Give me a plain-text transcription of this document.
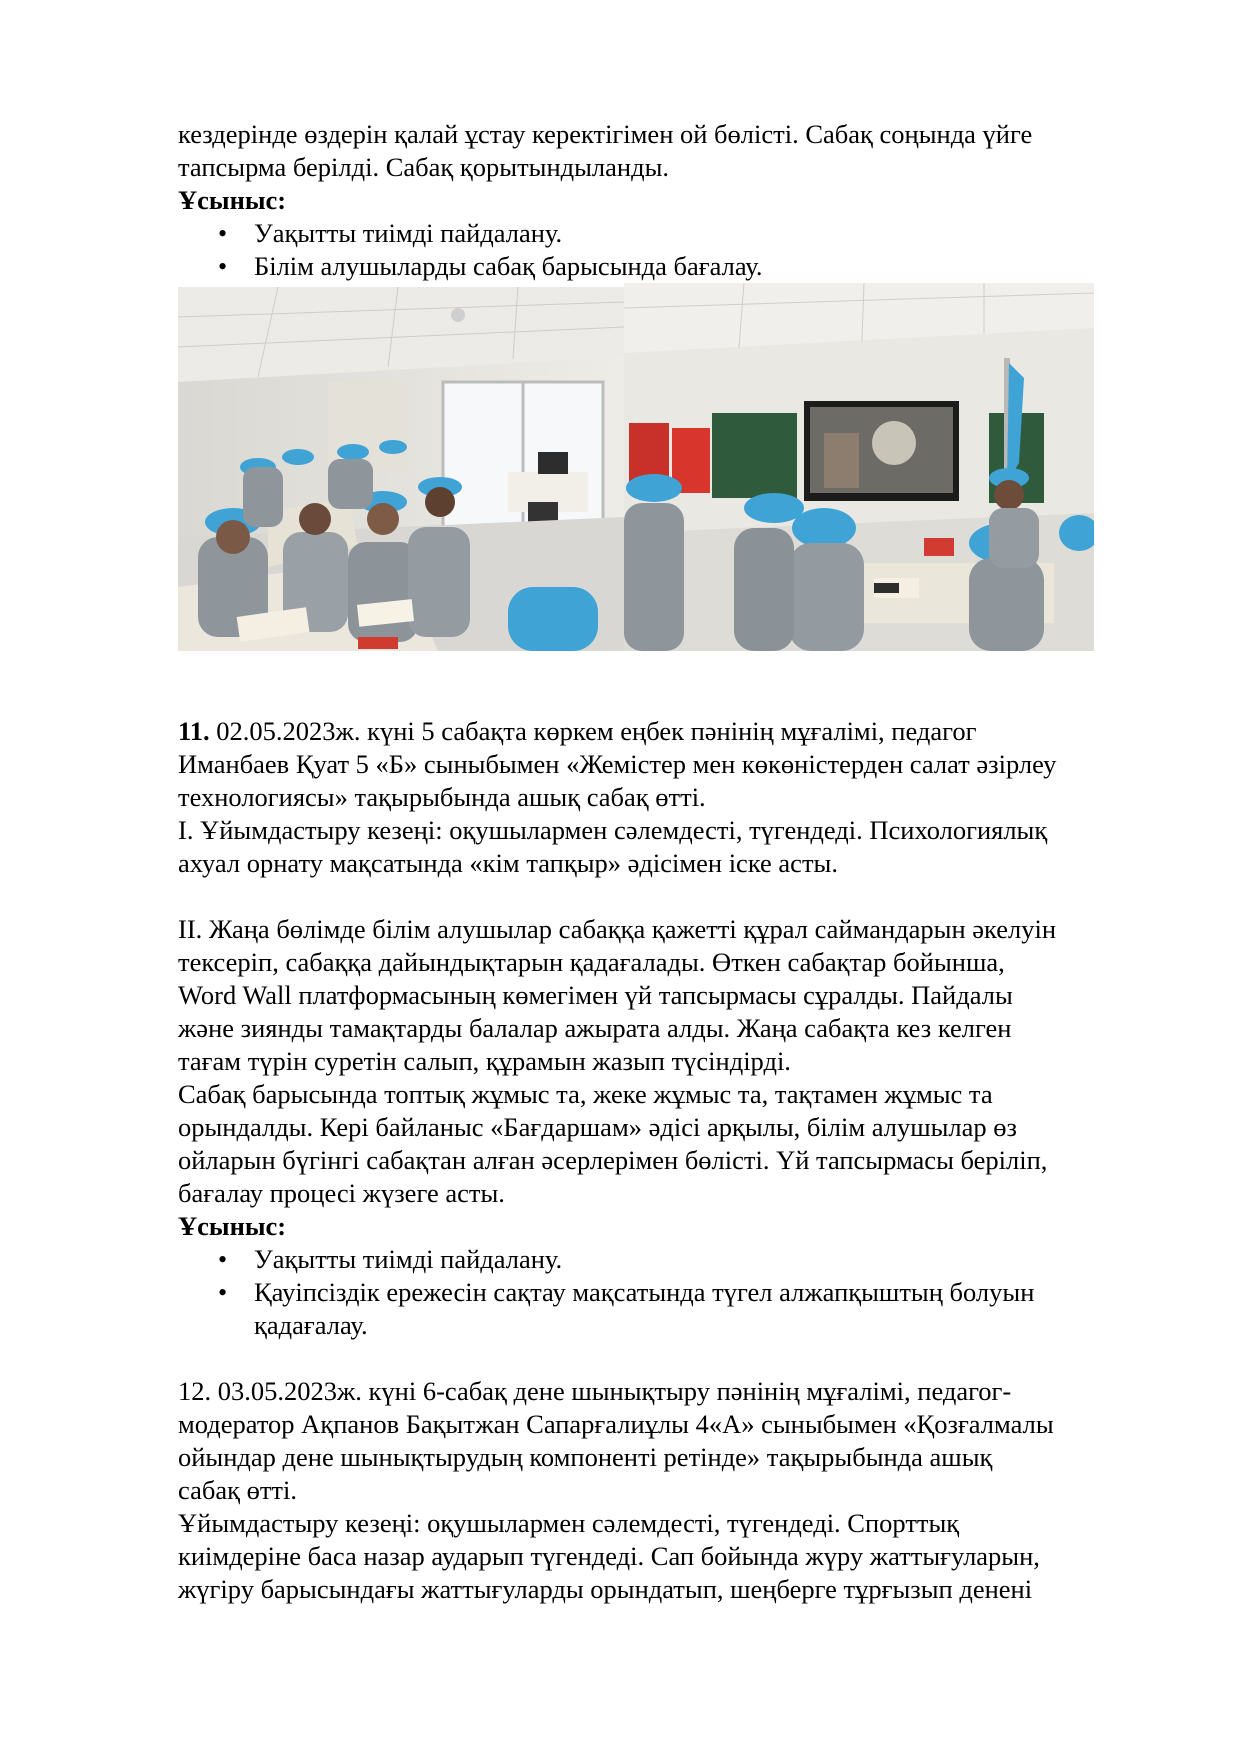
кездерінде өздерін қалай ұстау керектігімен ой бөлісті. Сабақ соңында үйге

тапсырма берілді. Сабақ қорытындыланды.

Ұсыныс:

• Уақытты тиімді пайдалану.
• Білім алушыларды сабақ барысында бағалау.

11. 02.05.2023ж. күні 5 сабақта көркем еңбек пәнінің мұғалімі, педагог

Иманбаев Қуат 5 «Б» сыныбымен «Жемістер мен көкөністерден салат әзірлеу

технологиясы» тақырыбында ашық сабақ өтті.

І. Ұйымдастыру кезеңі: оқушылармен сәлемдесті, түгендеді. Психологиялық

ахуал орнату мақсатында «кім тапқыр» әдісімен іске асты.

ІІ. Жаңа бөлімде білім алушылар сабаққа қажетті құрал саймандарын әкелуін

тексеріп, сабаққа дайындықтарын қадағалады. Өткен сабақтар бойынша,

Word Wall платформасының көмегімен үй тапсырмасы сұралды. Пайдалы

және зиянды тамақтарды балалар ажырата алды. Жаңа сабақта кез келген

тағам түрін суретін салып, құрамын жазып түсіндірді.

Сабақ барысында топтық жұмыс та, жеке жұмыс та, тақтамен жұмыс та

орындалды. Кері байланыс «Бағдаршам» әдісі арқылы, білім алушылар өз

ойларын бүгінгі сабақтан алған әсерлерімен бөлісті. Үй тапсырмасы беріліп,

бағалау процесі жүзеге асты.

Ұсыныс:

• Уақытты тиімді пайдалану.
• Қауіпсіздік ережесін сақтау мақсатында түгел алжапқыштың болуын
қадағалау.

12. 03.05.2023ж. күні 6-сабақ дене шынықтыру пәнінің мұғалімі, педагог-

модератор Ақпанов Бақытжан Сапарғалиұлы 4«А» сыныбымен «Қозғалмалы

ойындар дене шынықтырудың компоненті ретінде» тақырыбында ашық

сабақ өтті.

Ұйымдастыру кезеңі: оқушылармен сәлемдесті, түгендеді. Спорттық

киімдеріне баса назар аударып түгендеді. Сап бойында жүру жаттығуларын,

жүгіру барысындағы жаттығуларды орындатып, шеңберге тұрғызып денені
